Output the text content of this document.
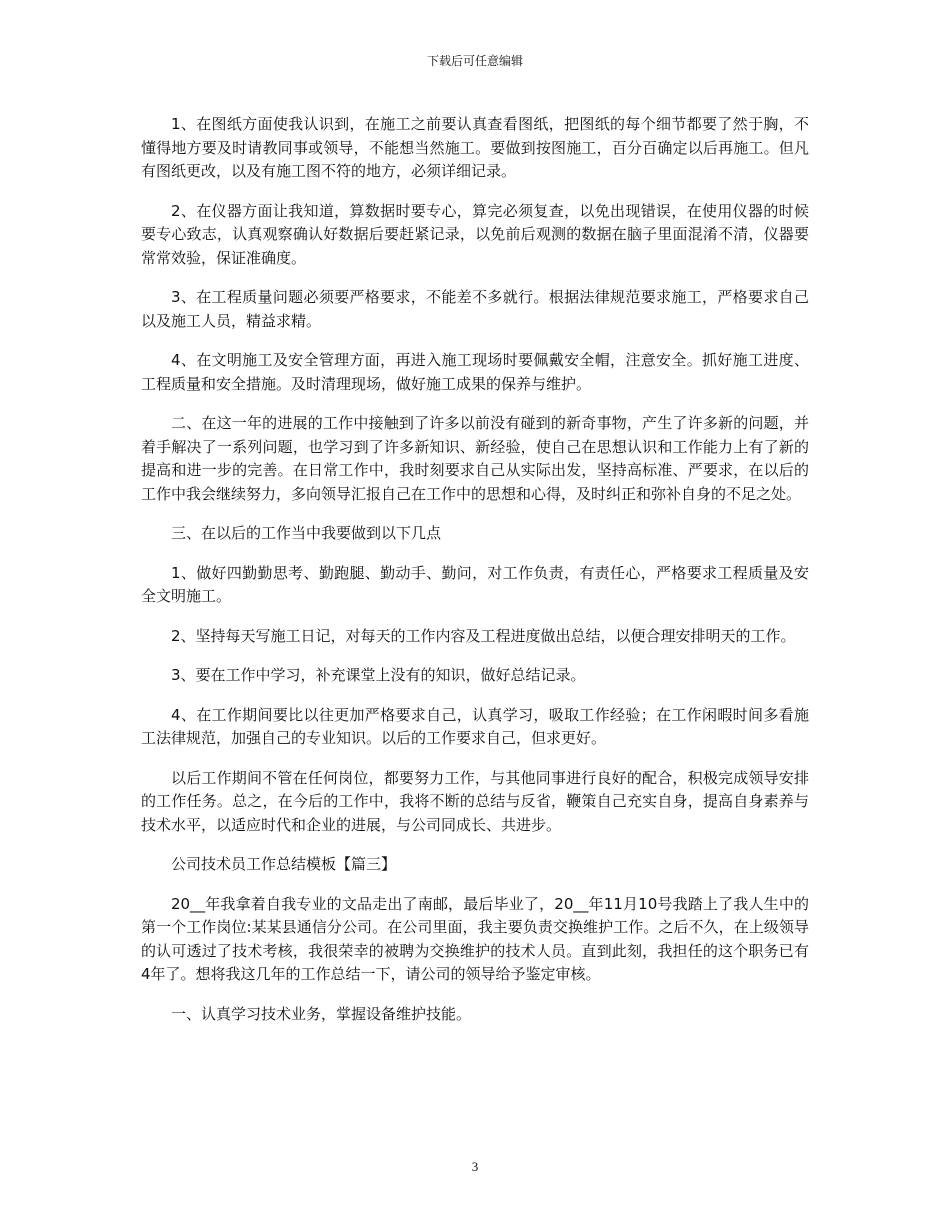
下载后可任意编辑

1、在图纸方面使我认识到，在施工之前要认真查看图纸，把图纸的每个细节都要了然于胸，不懂得地方要及时请教同事或领导，不能想当然施工。要做到按图施工，百分百确定以后再施工。但凡有图纸更改，以及有施工图不符的地方，必须详细记录。

2、在仪器方面让我知道，算数据时要专心，算完必须复查，以免出现错误，在使用仪器的时候要专心致志，认真观察确认好数据后要赶紧记录，以免前后观测的数据在脑子里面混淆不清，仪器要常常效验，保证准确度。

3、在工程质量问题必须要严格要求，不能差不多就行。根据法律规范要求施工，严格要求自己以及施工人员，精益求精。

4、在文明施工及安全管理方面，再进入施工现场时要佩戴安全帽，注意安全。抓好施工进度、工程质量和安全措施。及时清理现场，做好施工成果的保养与维护。

二、在这一年的进展的工作中接触到了许多以前没有碰到的新奇事物，产生了许多新的问题，并着手解决了一系列问题，也学习到了许多新知识、新经验，使自己在思想认识和工作能力上有了新的提高和进一步的完善。在日常工作中，我时刻要求自己从实际出发，坚持高标准、严要求，在以后的工作中我会继续努力，多向领导汇报自己在工作中的思想和心得，及时纠正和弥补自身的不足之处。

三、在以后的工作当中我要做到以下几点

1、做好四勤勤思考、勤跑腿、勤动手、勤问，对工作负责，有责任心，严格要求工程质量及安全文明施工。

2、坚持每天写施工日记，对每天的工作内容及工程进度做出总结，以便合理安排明天的工作。

3、要在工作中学习，补充课堂上没有的知识，做好总结记录。

4、在工作期间要比以往更加严格要求自己，认真学习，吸取工作经验；在工作闲暇时间多看施工法律规范，加强自己的专业知识。以后的工作要求自己，但求更好。

以后工作期间不管在任何岗位，都要努力工作，与其他同事进行良好的配合，积极完成领导安排的工作任务。总之，在今后的工作中，我将不断的总结与反省，鞭策自己充实自身，提高自身素养与技术水平，以适应时代和企业的进展，与公司同成长、共进步。

公司技术员工作总结模板【篇三】

20__年我拿着自我专业的文品走出了南邮，最后毕业了，20__年11月10号我踏上了我人生中的第一个工作岗位:某某县通信分公司。在公司里面，我主要负责交换维护工作。之后不久，在上级领导的认可透过了技术考核，我很荣幸的被聘为交换维护的技术人员。直到此刻，我担任的这个职务已有4年了。想将我这几年的工作总结一下，请公司的领导给予鉴定审核。

一、认真学习技术业务，掌握设备维护技能。

3
